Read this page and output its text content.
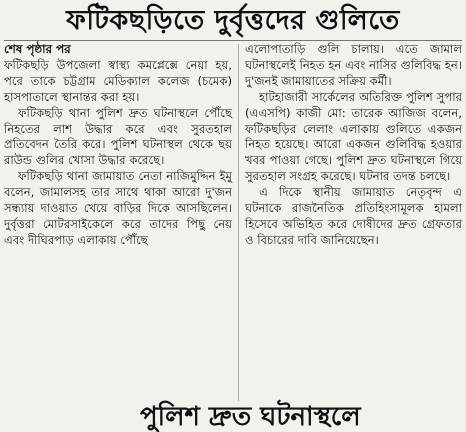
ফটিকছড়িতে দুর্বৃত্তদের গুলিতে

শেষ পৃষ্ঠার পর

ফটিকছড়ি উপজেলা স্বাস্থ্য কমপ্লেক্সে নেয়া হয়, পরে তাকে চট্টগ্রাম মেডিক্যাল কলেজ (চমেক) হাসপাতালে স্থানান্তর করা হয়।

ফটিকছড়ি থানা পুলিশ দ্রুত ঘটনাস্থলে পৌঁছে নিহতের লাশ উদ্ধার করে এবং সুরতহাল প্রতিবেদন তৈরি করে। পুলিশ ঘটনাস্থল থেকে ছয় রাউন্ড গুলির খোসা উদ্ধার করেছে।

ফটিকছড়ি থানা জামায়াত নেতা নাজিমুদ্দিন ইমু বলেন, জামালসহ তার সাথে থাকা আরো দু'জন সন্ধ্যায় দাওয়াত খেয়ে বাড়ির দিকে আসছিলেন। দুর্বৃত্তরা মোটরসাইকেলে করে তাদের পিছু নেয় এবং দীঘিরপাড় এলাকায় পৌঁছে

এলোপাতাড়ি গুলি চালায়। এতে জামাল ঘটনাস্থলেই নিহত হন এবং নাসির গুলিবিদ্ধ হন। দু'জনই জামায়াতের সক্রিয় কর্মী।

হাটহাজারী সার্কেলের অতিরিক্ত পুলিশ সুপার (এএসপি) কাজী মো: তারেক আজিজ বলেন, ফটিকছড়ির লেলাং এলাকায় গুলিতে একজন নিহত হয়েছে। আরো একজন গুলিবিদ্ধ হওয়ার খবর পাওয়া গেছে। পুলিশ দ্রুত ঘটনাস্থলে গিয়ে সুরতহাল সংগ্রহ করেছে। ঘটনার তদন্ত চলছে।

এ দিকে স্থানীয় জামায়াত নেতৃবৃন্দ এ ঘটনাকে রাজনৈতিক প্রতিহিংসামূলক হামলা হিসেবে অভিহিত করে দোষীদের দ্রুত গ্রেফতার ও বিচারের দাবি জানিয়েছেন।

পুলিশ দ্রুত ঘটনাস্থলে
